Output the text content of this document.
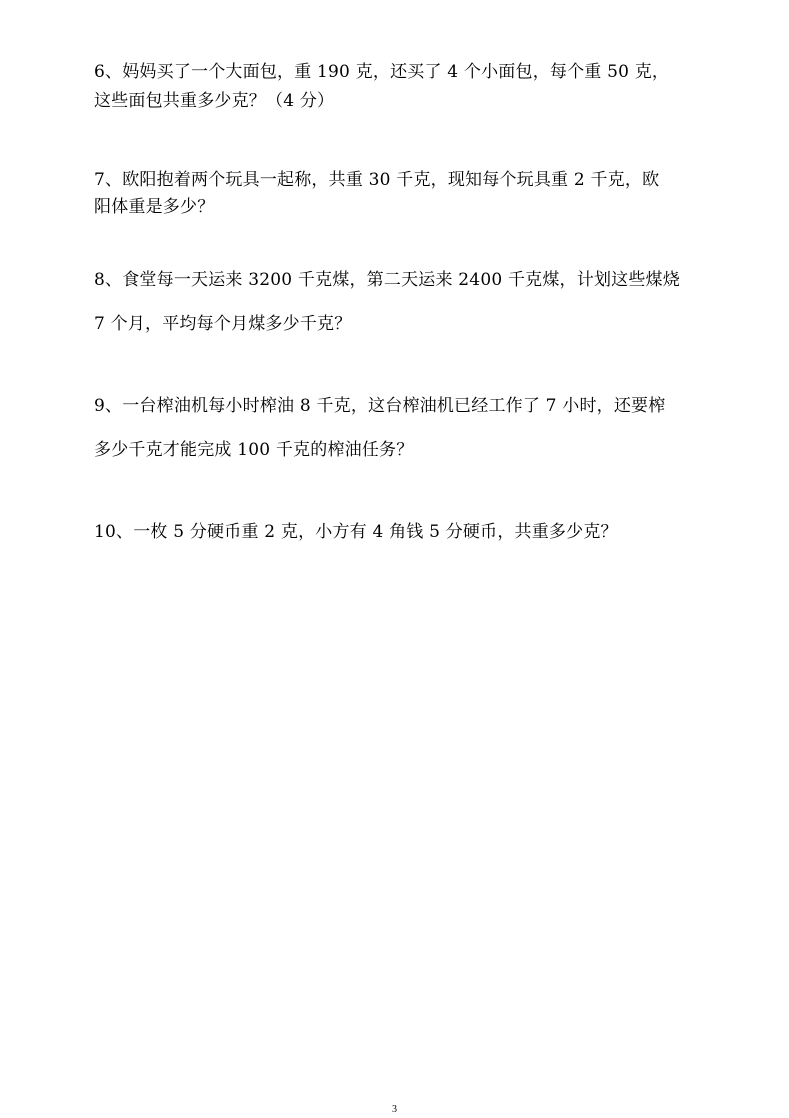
6、妈妈买了一个大面包，重 190 克，还买了 4 个小面包，每个重 50 克，
这些面包共重多少克？（4 分）
7、欧阳抱着两个玩具一起称，共重 30 千克，现知每个玩具重 2 千克，欧
阳体重是多少？
8、食堂每一天运来 3200 千克煤，第二天运来 2400 千克煤，计划这些煤烧
7 个月，平均每个月煤多少千克？
9、一台榨油机每小时榨油 8 千克，这台榨油机已经工作了 7 小时，还要榨
多少千克才能完成 100 千克的榨油任务？
10、一枚 5 分硬币重 2 克，小方有 4 角钱 5 分硬币，共重多少克？
3
